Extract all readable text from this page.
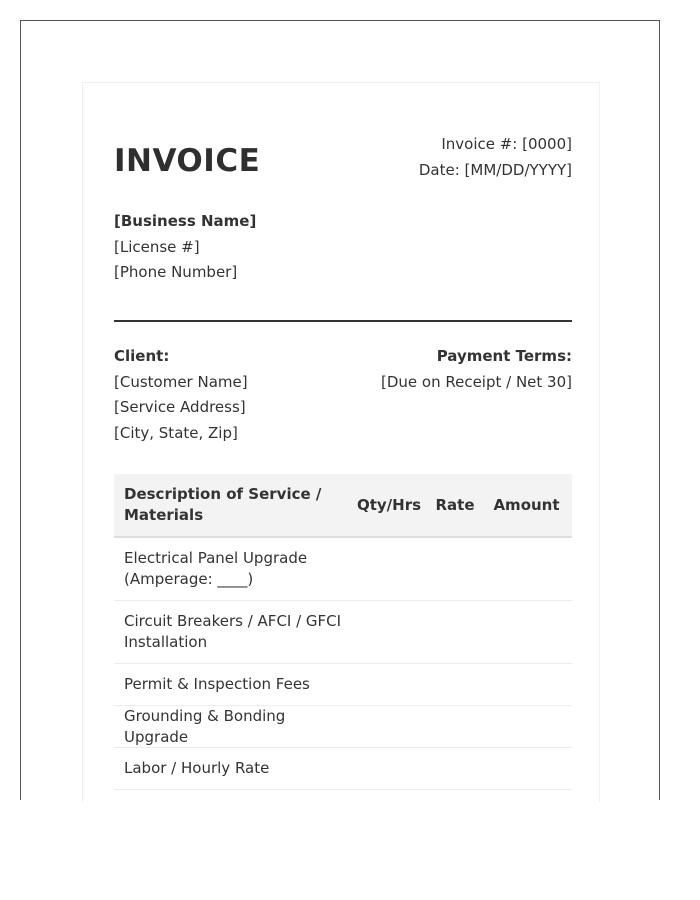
INVOICE	Invoice #: [0000]
Date: [MM/DD/YYYY]
[Business Name]
[License #]
[Phone Number]
Client:
[Customer Name]
[Service Address]
[City, State, Zip]
Payment Terms:
[Due on Receipt / Net 30]
Description of Service / Materials
Qty/Hrs Rate	Amount
Electrical Panel Upgrade (Amperage: ____)
Circuit Breakers / AFCI / GFCI Installation
Permit & Inspection Fees
Grounding & Bonding Upgrade
Labor / Hourly Rate
